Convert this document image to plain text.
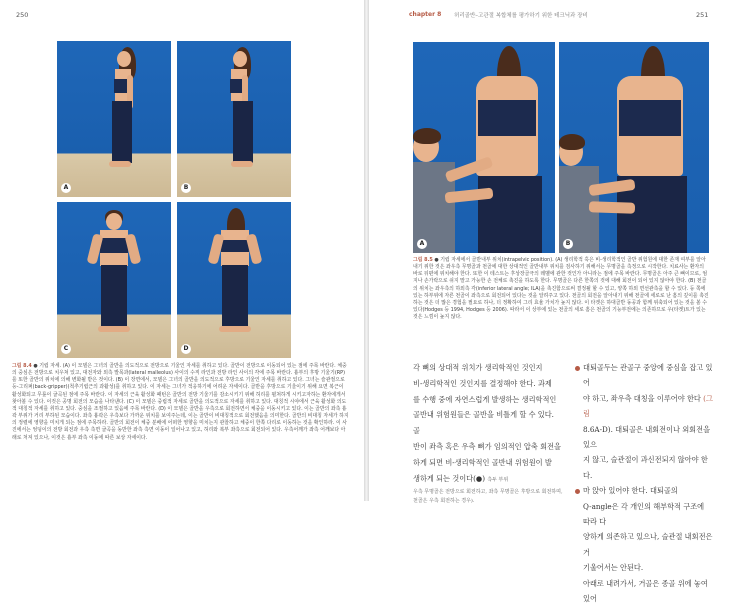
250
A	B
C	D
그림 8.4 ● 기립 자세. (A) 이 모델은 그녀의 골반을 의도적으로 전방으로 기울인 자세를 취하고 있다. 골반이 전방으로 이동되어 있는 점에 주목 바란다. 체중의 중심은 전방으로 치우쳐 있고, 대전자와 외측 발목과(lateral malleolus) 사이의 수직 라인과 전방 라인 사이의 각에 주목 바란다. 흉부의 후방 기울기(RP)를 또한 골반의 위치에 의해 변화될 받은 것이다. (B) 이 장면에서, 모델은 그녀의 골반을 의도적으로 후방으로 기울인 자세를 취하고 있다. 그녀는 슬관절으로 등-그리퍼(back-gripper)(척추기립근의 과활성)를 취하고 있다. 이 자세는 그녀가 적응하기에 어려운 자세이다. 골반을 후방으로 기울이기 위해 요면 복근이 활성화되고 무릎이 굴곡된 점에 주목 바란다. 이 자세의 근육 활성화 패턴은 골반의 전방 기울기를 감소시키기 위해 허리를 펼쳐하게 시키고자하는 환자에게서 찾아볼 수 있다. 이것은 공명 회전의 모습을 나타낸다. (C) 이 모델은 중립적 자세로 골반을 의도적으로 자세를 취하고 있다. 대칭적 시야에서 근육 활성화 의도적 대칭적 자세를 취하고 있다. 중심을 조절하고 있음에 주목 바란다. (D) 이 모델은 골반을 우측으로 회전하면서 체중을 이동시키고 있다. 이는 골반의 좌측 흉곽 부위가 거리 부하된 모습이다. 좌측 흉곽은 우측보다 가까운 위치를 보여주는데, 이는 골반이 비대칭적으로 회전했음을 의미한다. 골반의 비대칭 자세가 하지의 정렬에 영향을 미치게 되는 점에 주목하라. 골반의 회전이 체중 분배에 어떠한 영향을 미치는지 관찰하고 체중이 한쪽 다리로 이동하는 것을 확인하라. 이 사진에서는 엉덩이의 전방 회전과 우측 측면 굴곡을 동반한 좌측 측면 이동이 일어나고 있고, 허리와 복부 좌측으로 회전되어 있다. 우측어깨가 좌측 어깨보다 아래로 처져 있으나, 이것은 흉부 좌측 이동에 따른 보상 자세이다.
chapter 8 허리골반–고관절 복합체를 평가하기 위한 테크닉과 장비	251
A	B
그림 8.5 ● 기립 자세에서 골반내부 위치(intrapelvic position). (A) 생리학적 혹은 비-생리학적인 골반 위험원에 대한 존재 여부를 알아내기 위한 것은 좌우측 무명골과 천골에 대한 상대적인 골반내부 위치를 검사하기 위해서는 무명골을 측정으로 시작한다. 치료사는 환자의 바로 뒤편에 위치해야 한다. 또한 이 테스트는 후상장골극의 레벨에 관한 것인가 아니라는 점에 주목 바란다. 무명골은 아주 큰 뼈이므로, 엄지나 손가락으로 쉬지 말고 가능한 손 전체로 촉진을 하도록 한다. 무명골은 다른 한쪽의 것에 대해 회전이 되어 있지 않아야 한다. (B) 천골의 위치는 좌우측의 하외측 각(inferior lateral angle; ILA)을 촉진함으로써 결정될 할 수 있고, 양쪽 하외 면선관측을 할 수 있다. 등 쪽에 있는 하부위에 자른 천골이 좌측으로 회전되어 있다는 것을 알려주고 있다. 천골의 회전을 알아내기 위해 천골에 세로로 난 홈의 깊이를 촉진하는 것은 더 많은 경험을 필요로 하나, 더 정확하여 그리 효율 가치가 높지 않다. 이 타겟은 하대골반 동공과 함께 위축되어 있는 것을 볼 수 있다(Hodges 등 1994, Hodges 등 2006). 따라서 이 상부에 있는 천골의 세로 홈은 천골의 기능부전에는 의존하므로 우(타겟)트가 있는 것은 느낌이 높지 않다.
각 뼈의 상대적 위치가 생리학적인 것인지
비-생리학적인 것인지를 결정해야 한다. 과제
를 수행 중에 자연스럽게 발생하는 생리학적인
골반내 위험원들은 골반을 비틀게 할 수 있다. 골
반이 좌측 혹은 우측 뼈가 임의적인 압축 회전을
하게 되면 비-생리학적인 골반내 위험원이 발
생하게 되는 것이다(●) 측두 부위
우측 무명골은 전방으로 회전하고, 좌측 무명골은 후방으로 회전하며, 천골은 우측 회전하는 경우).
대퇴골두는 관골구 중앙에 중심을 잡고 있어
야 하고, 좌우측 대칭을 이루어야 한다 (그림
8.6A-D). 대퇴골은 내회전이나 외회전을 있으
지 않고, 슬관절이 과신전되지 않아야 한다.
마 앉아 있어야 한다. 대퇴골의
Q-angle은 각 개인의 해부학적 구조에 따라 다
양하게 의존하고 있으나, 슬관절 내회전은 거
기울어서는 안된다.
아래로 내려가서, 거골은 종골 위에 놓여 있어
